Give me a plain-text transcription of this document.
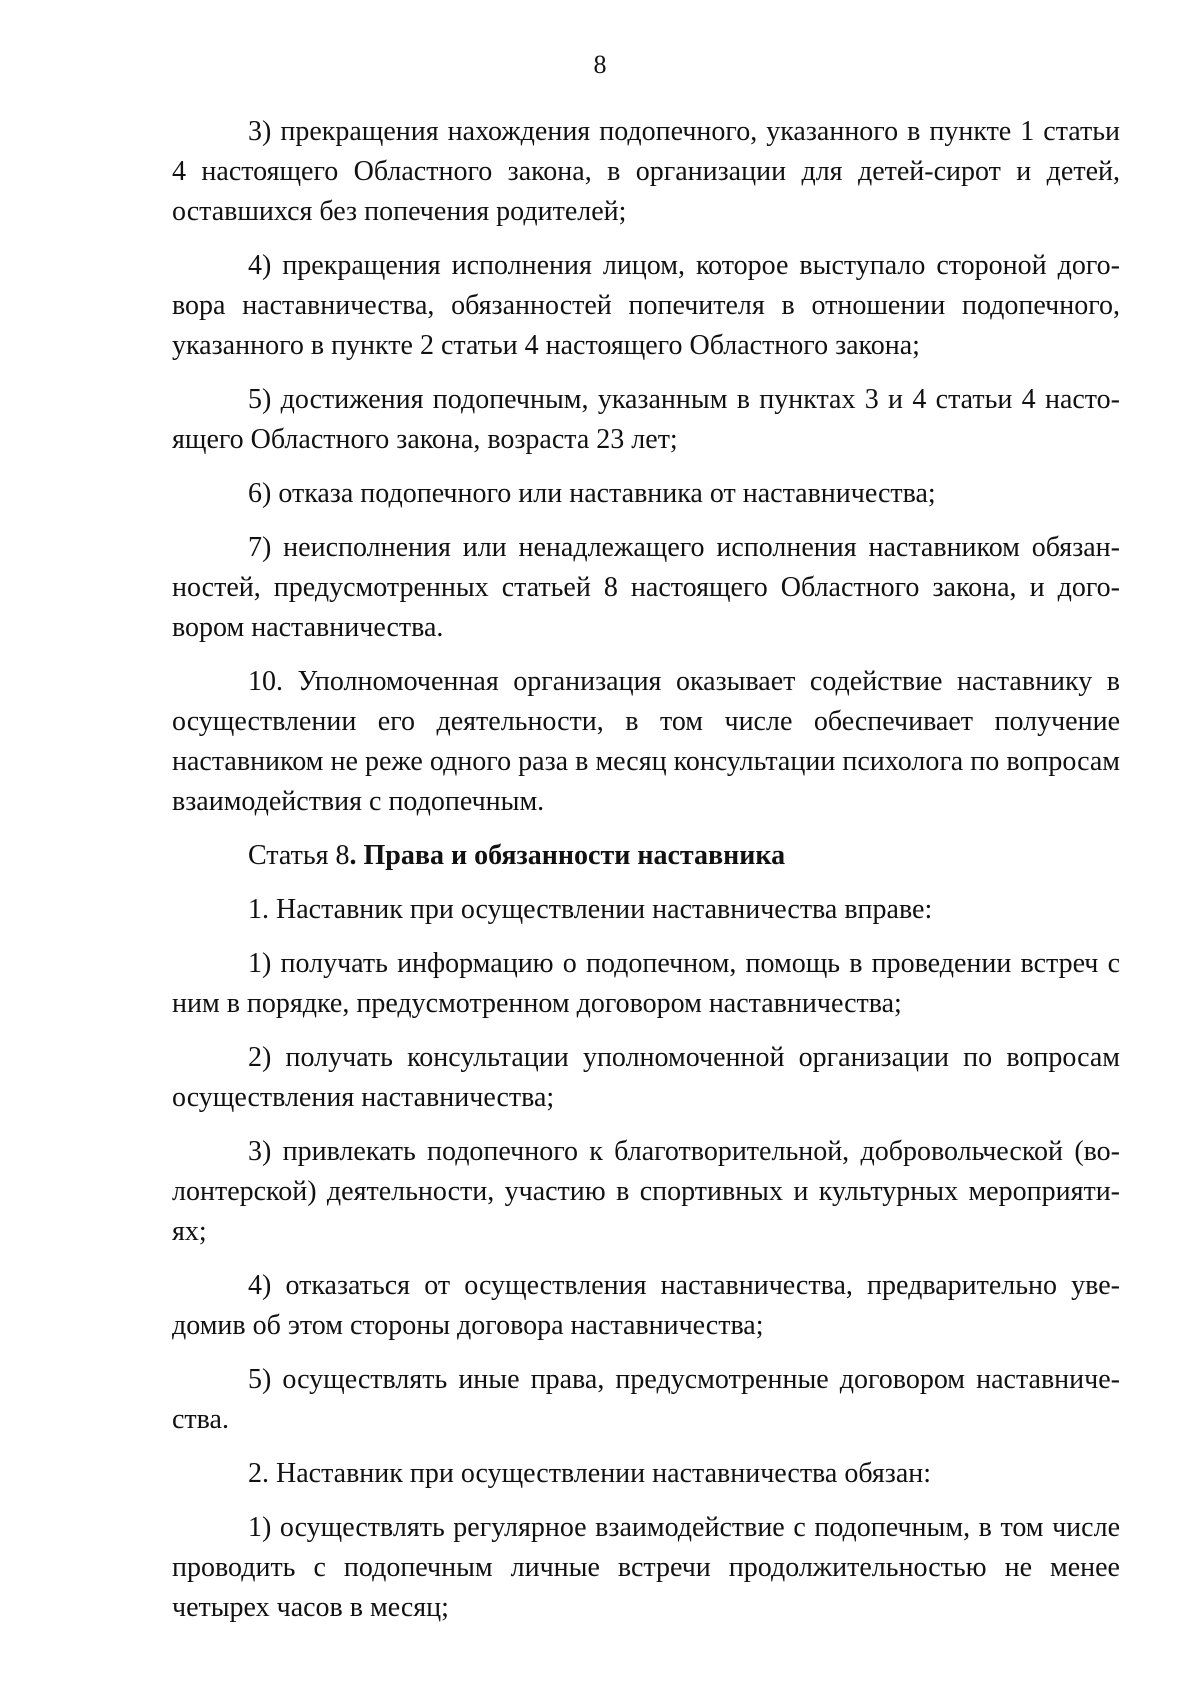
8

3) прекращения нахождения подопечного, указанного в пункте 1 статьи 4 настоящего Областного закона, в организации для детей-сирот и детей, оставшихся без попечения родителей;

4) прекращения исполнения лицом, которое выступало стороной договора наставничества, обязанностей попечителя в отношении подопечного, указанного в пункте 2 статьи 4 настоящего Областного закона;

5) достижения подопечным, указанным в пунктах 3 и 4 статьи 4 настоящего Областного закона, возраста 23 лет;

6) отказа подопечного или наставника от наставничества;

7) неисполнения или ненадлежащего исполнения наставником обязанностей, предусмотренных статьей 8 настоящего Областного закона, и договором наставничества.

10. Уполномоченная организация оказывает содействие наставнику в осуществлении его деятельности, в том числе обеспечивает получение наставником не реже одного раза в месяц консультации психолога по вопросам взаимодействия с подопечным.

Статья 8. Права и обязанности наставника

1. Наставник при осуществлении наставничества вправе:

1) получать информацию о подопечном, помощь в проведении встреч с ним в порядке, предусмотренном договором наставничества;

2) получать консультации уполномоченной организации по вопросам осуществления наставничества;

3) привлекать подопечного к благотворительной, добровольческой (волонтерской) деятельности, участию в спортивных и культурных мероприятиях;

4) отказаться от осуществления наставничества, предварительно уведомив об этом стороны договора наставничества;

5) осуществлять иные права, предусмотренные договором наставничества.

2. Наставник при осуществлении наставничества обязан:

1) осуществлять регулярное взаимодействие с подопечным, в том числе проводить с подопечным личные встречи продолжительностью не менее четырех часов в месяц;
